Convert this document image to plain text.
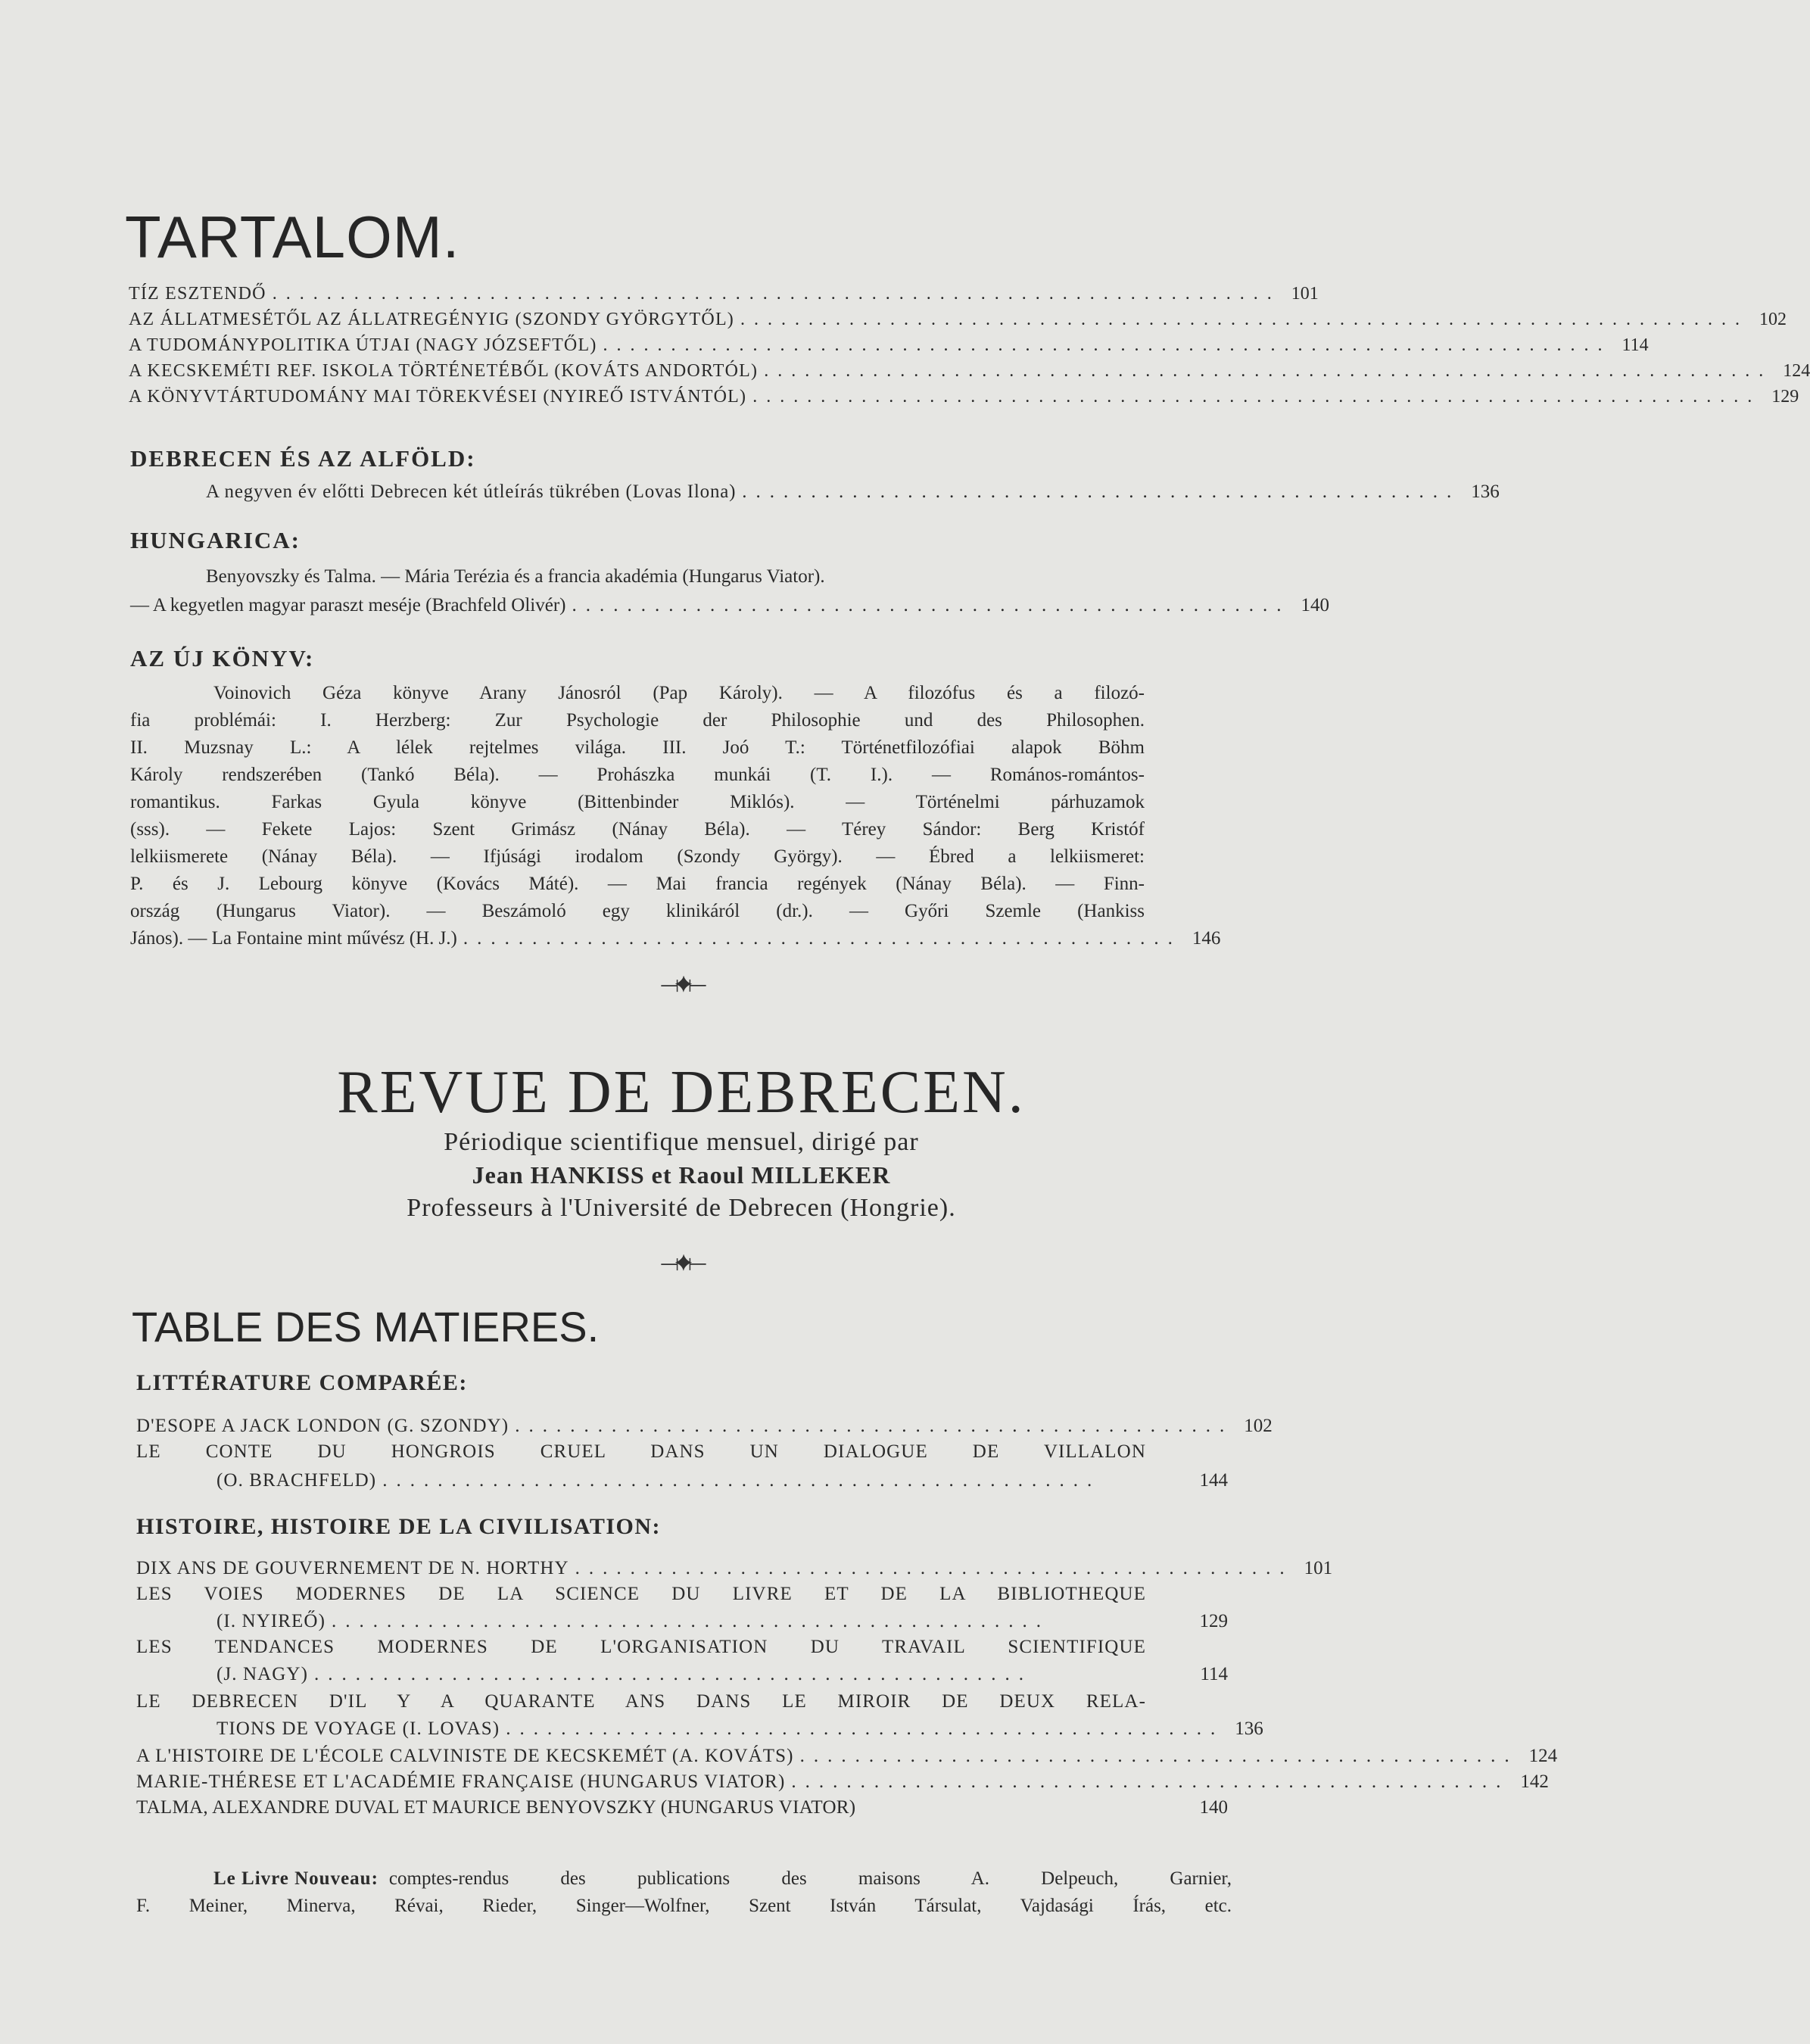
TARTALOM.
TÍZ ESZTENDŐ .......................................................................... 101
AZ ÁLLATMESÉTŐL AZ ÁLLATREGÉNYIG (SZONDY GYÖRGYTŐL) .......................................................................... 102
A TUDOMÁNYPOLITIKA ÚTJAI (NAGY JÓZSEFTŐL) .......................................................................... 114
A KECSKEMÉTI REF. ISKOLA TÖRTÉNETÉBŐL (KOVÁTS ANDORTÓL) .......................................................................... 124
A KÖNYVTÁRTUDOMÁNY MAI TÖREKVÉSEI (NYIREŐ ISTVÁNTÓL) .......................................................................... 129
DEBRECEN ÉS AZ ALFÖLD:
A negyven év előtti Debrecen két útleírás tükrében (Lovas Ilona) .................................................... 136
HUNGARICA:
Benyovszky és Talma. — Mária Terézia és a francia akadémia (Hungarus Viator).
— A kegyetlen magyar paraszt meséje (Brachfeld Olivér) .................................................... 140
AZ ÚJ KÖNYV:
Voinovich Géza könyve Arany Jánosról (Pap Károly). — A filozófus és a filozó-
fia problémái: I. Herzberg: Zur Psychologie der Philosophie und des Philosophen.
II. Muzsnay L.: A lélek rejtelmes világa. III. Joó T.: Történetfilozófiai alapok Böhm
Károly rendszerében (Tankó Béla). — Prohászka munkái (T. I.). — Romános-romántos-
romantikus. Farkas Gyula könyve (Bittenbinder Miklós). — Történelmi párhuzamok
(sss). — Fekete Lajos: Szent Grimász (Nánay Béla). — Térey Sándor: Berg Kristóf
lelkiismerete (Nánay Béla). — Ifjúsági irodalom (Szondy György). — Ébred a lelkiismeret:
P. és J. Lebourg könyve (Kovács Máté). — Mai francia regények (Nánay Béla). — Finn-
ország (Hungarus Viator). — Beszámoló egy klinikáról (dr.). — Győri Szemle (Hankiss
János). — La Fontaine mint művész (H. J.) .................................................... 146
⟞✦⟝
REVUE DE DEBRECEN.
Périodique scientifique mensuel, dirigé par
Jean HANKISS et Raoul MILLEKER
Professeurs à l'Université de Debrecen (Hongrie).
⟞✦⟝
TABLE DES MATIERES.
LITTÉRATURE COMPARÉE:
D'ESOPE A JACK LONDON (G. SZONDY) .................................................... 102
LE CONTE DU HONGROIS CRUEL DANS UN DIALOGUE DE VILLALON
(O. BRACHFELD) ....................................................	144
HISTOIRE, HISTOIRE DE LA CIVILISATION:
DIX ANS DE GOUVERNEMENT DE N. HORTHY .................................................... 101
LES VOIES MODERNES DE LA SCIENCE DU LIVRE ET DE LA BIBLIOTHEQUE
(I. NYIREŐ) ....................................................	129
LES TENDANCES MODERNES DE L'ORGANISATION DU TRAVAIL SCIENTIFIQUE
(J. NAGY) ....................................................	114
LE DEBRECEN D'IL Y A QUARANTE ANS DANS LE MIROIR DE DEUX RELA-
TIONS DE VOYAGE (I. LOVAS) .................................................... 136
A L'HISTOIRE DE L'ÉCOLE CALVINISTE DE KECSKEMÉT (A. KOVÁTS) .................................................... 124
MARIE-THÉRESE ET L'ACADÉMIE FRANÇAISE (HUNGARUS VIATOR) .................................................... 142
TALMA, ALEXANDRE DUVAL ET MAURICE BENYOVSZKY (HUNGARUS VIATOR)	140
Le Livre Nouveau: comptes-rendus des publications des maisons A. Delpeuch, Garnier,
F. Meiner, Minerva, Révai, Rieder, Singer—Wolfner, Szent István Társulat, Vajdasági Írás, etc.
